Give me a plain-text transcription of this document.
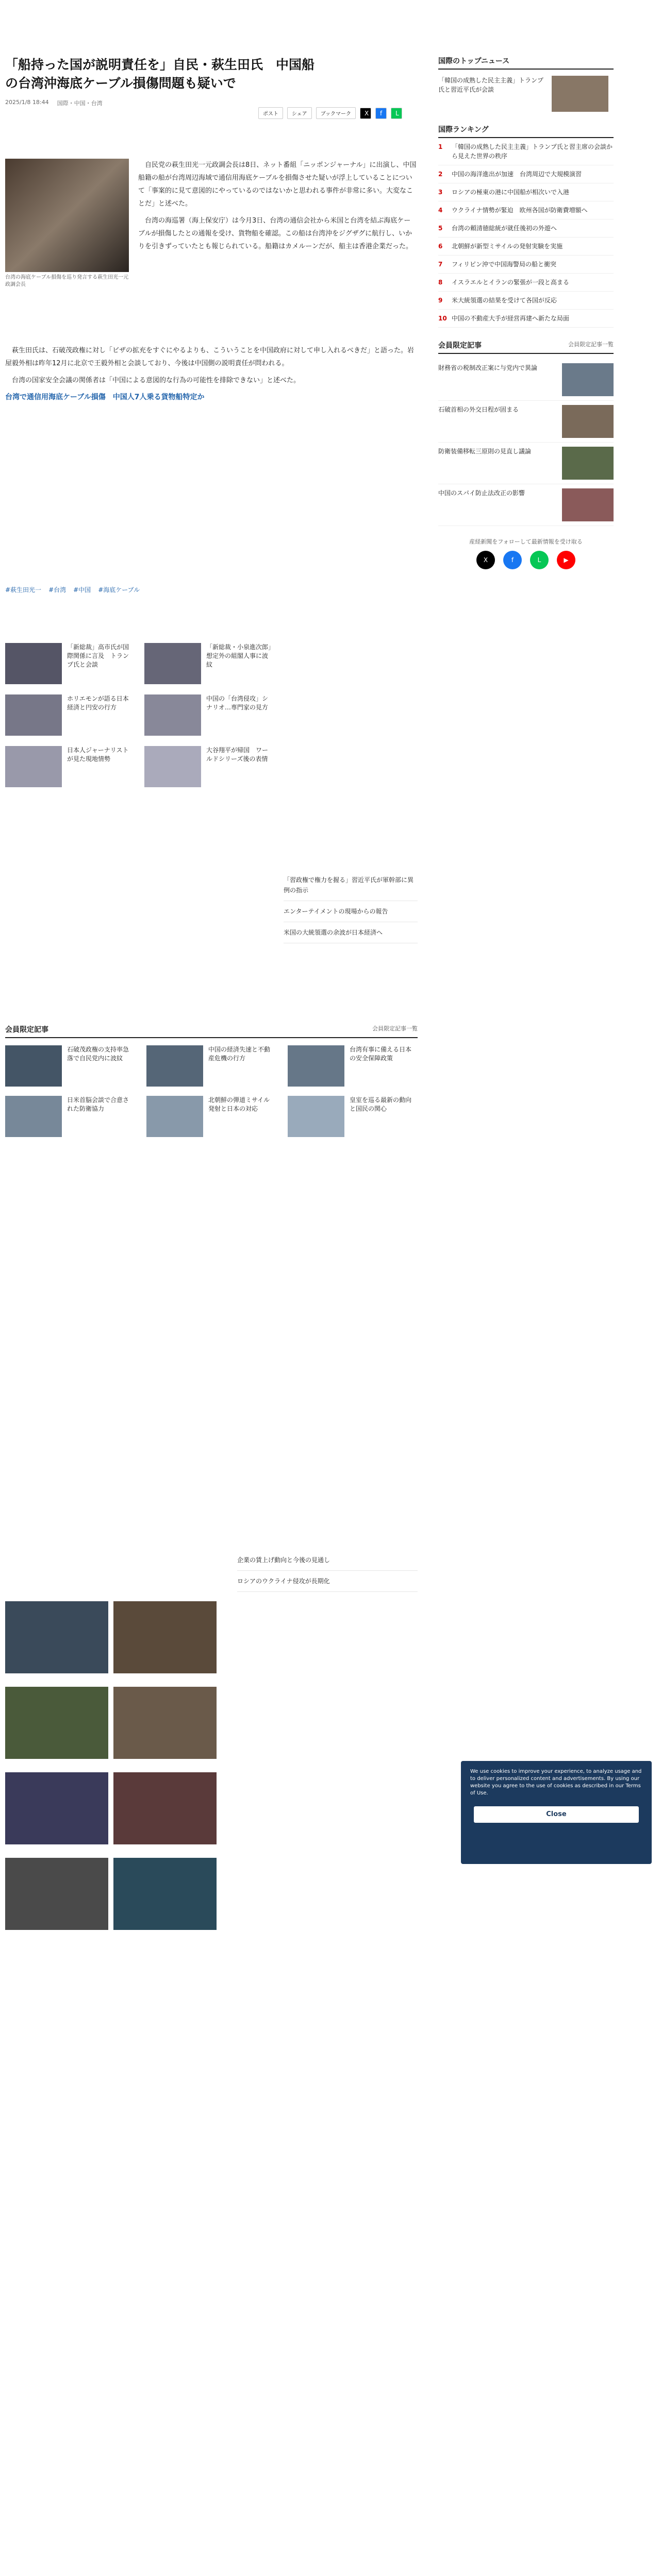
「船持った国が説明責任を」自民・萩生田氏　中国船の台湾沖海底ケーブル損傷問題も疑いで
2025/1/8 18:44 国際・中国・台湾
ポスト	シェア	ブックマーク	X	f	L
台湾の海底ケーブル損傷を巡り発言する萩生田光一元政調会長

自民党の萩生田光一元政調会長は8日、ネット番組「ニッポンジャーナル」に出演し、中国船籍の船が台湾周辺海域で通信用海底ケーブルを損傷させた疑いが浮上していることについて「事案的に見て意図的にやっているのではないかと思われる事件が非常に多い。大変なことだ」と述べた。

台湾の海巡署（海上保安庁）は今月3日、台湾の通信会社から米国と台湾を結ぶ海底ケーブルが損傷したとの通報を受け、貨物船を確認。この船は台湾沖をジグザグに航行し、いかりを引きずっていたとも報じられている。船籍はカメルーンだが、船主は香港企業だった。

萩生田氏は、石破茂政権に対し「ビザの拡充をすぐにやるよりも、こういうことを中国政府に対して申し入れるべきだ」と語った。岩屋毅外相は昨年12月に北京で王毅外相と会談しており、今後は中国側の説明責任が問われる。

台湾の国家安全会議の関係者は「中国による意図的な行為の可能性を排除できない」と述べた。

台湾で通信用海底ケーブル損傷　中国人7人乗る貨物船特定か

#萩生田光一 #台湾 #中国 #海底ケーブル
「新総裁」高市氏が国際関係に言及　トランプ氏と会談
「新総裁・小泉進次郎」想定外の組閣人事に波紋
ホリエモンが語る日本経済と円安の行方
中国の「台湾侵攻」シナリオ…専門家の見方
日本人ジャーナリストが見た現地情勢
大谷翔平が帰国　ワールドシリーズ後の表情
「習政権で権力を握る」習近平氏が軍幹部に異例の指示
エンターテイメントの現場からの報告
米国の大統領選の余波が日本経済へ
会員限定記事	会員限定記事一覧
石破茂政権の支持率急落で自民党内に波紋
中国の経済失速と不動産危機の行方
台湾有事に備える日本の安全保障政策
日米首脳会談で合意された防衛協力
北朝鮮の弾道ミサイル発射と日本の対応
皇室を巡る最新の動向と国民の関心
企業の賃上げ動向と今後の見通し
ロシアのウクライナ侵攻が長期化
国際のトップニュース
「韓国の成熟した民主主義」トランプ氏と習近平氏が会談
国際ランキング
1	「韓国の成熟した民主主義」トランプ氏と習主席の会談から見えた世界の秩序
2	中国の海洋進出が加速　台湾周辺で大規模演習
3	ロシアの極東の港に中国船が相次いで入港
4	ウクライナ情勢が緊迫　欧州各国が防衛費増額へ
5	台湾の頼清徳総統が就任後初の外遊へ
6	北朝鮮が新型ミサイルの発射実験を実施
7	フィリピン沖で中国海警局の船と衝突
8	イスラエルとイランの緊張が一段と高まる
9	米大統領選の結果を受けて各国が反応
10 中国の不動産大手が経営再建へ新たな局面
会員限定記事	会員限定記事一覧
財務省の税制改正案に与党内で異論
石破首相の外交日程が固まる
防衛装備移転三原則の見直し議論
中国のスパイ防止法改正の影響
産経新聞をフォローして最新情報を受け取る
X	f	L	▶
We use cookies to improve your experience, to analyze usage and to deliver personalized content and advertisements. By using our website you agree to the use of cookies as described in our Terms of Use.
Close
